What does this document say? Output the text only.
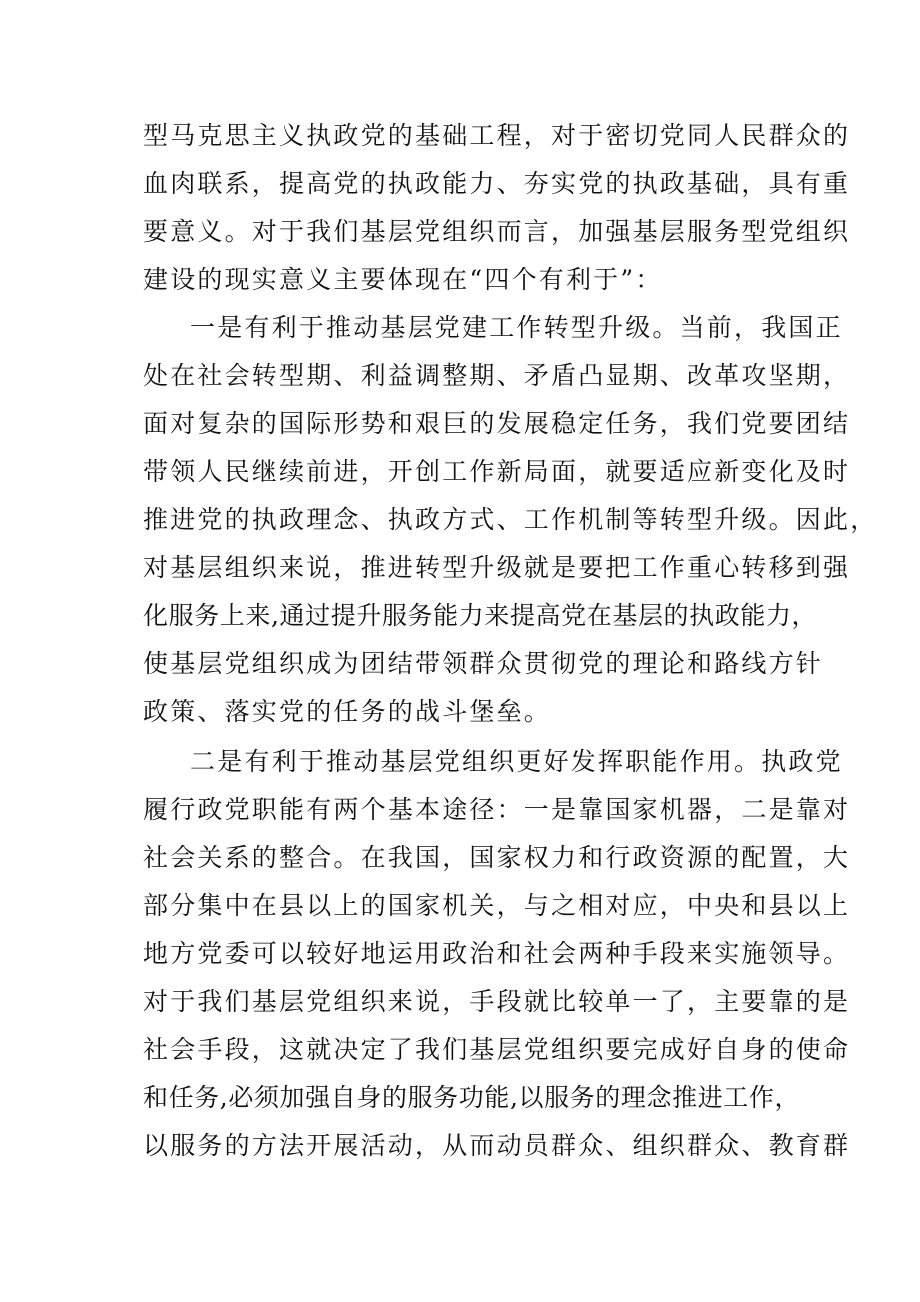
型马克思主义执政党的基础工程，对于密切党同人民群众的
血肉联系，提高党的执政能力、夯实党的执政基础，具有重
要意义。对于我们基层党组织而言，加强基层服务型党组织
建设的现实意义主要体现在“四个有利于”：
一是有利于推动基层党建工作转型升级。当前，我国正
处在社会转型期、利益调整期、矛盾凸显期、改革攻坚期，
面对复杂的国际形势和艰巨的发展稳定任务，我们党要团结
带领人民继续前进，开创工作新局面，就要适应新变化及时
推进党的执政理念、执政方式、工作机制等转型升级。因此，
对基层组织来说，推进转型升级就是要把工作重心转移到强
化服务上来,通过提升服务能力来提高党在基层的执政能力，
使基层党组织成为团结带领群众贯彻党的理论和路线方针
政策、落实党的任务的战斗堡垒。
二是有利于推动基层党组织更好发挥职能作用。执政党
履行政党职能有两个基本途径：一是靠国家机器，二是靠对
社会关系的整合。在我国，国家权力和行政资源的配置，大
部分集中在县以上的国家机关，与之相对应，中央和县以上
地方党委可以较好地运用政治和社会两种手段来实施领导。
对于我们基层党组织来说，手段就比较单一了，主要靠的是
社会手段，这就决定了我们基层党组织要完成好自身的使命
和任务,必须加强自身的服务功能,以服务的理念推进工作，
以服务的方法开展活动，从而动员群众、组织群众、教育群
